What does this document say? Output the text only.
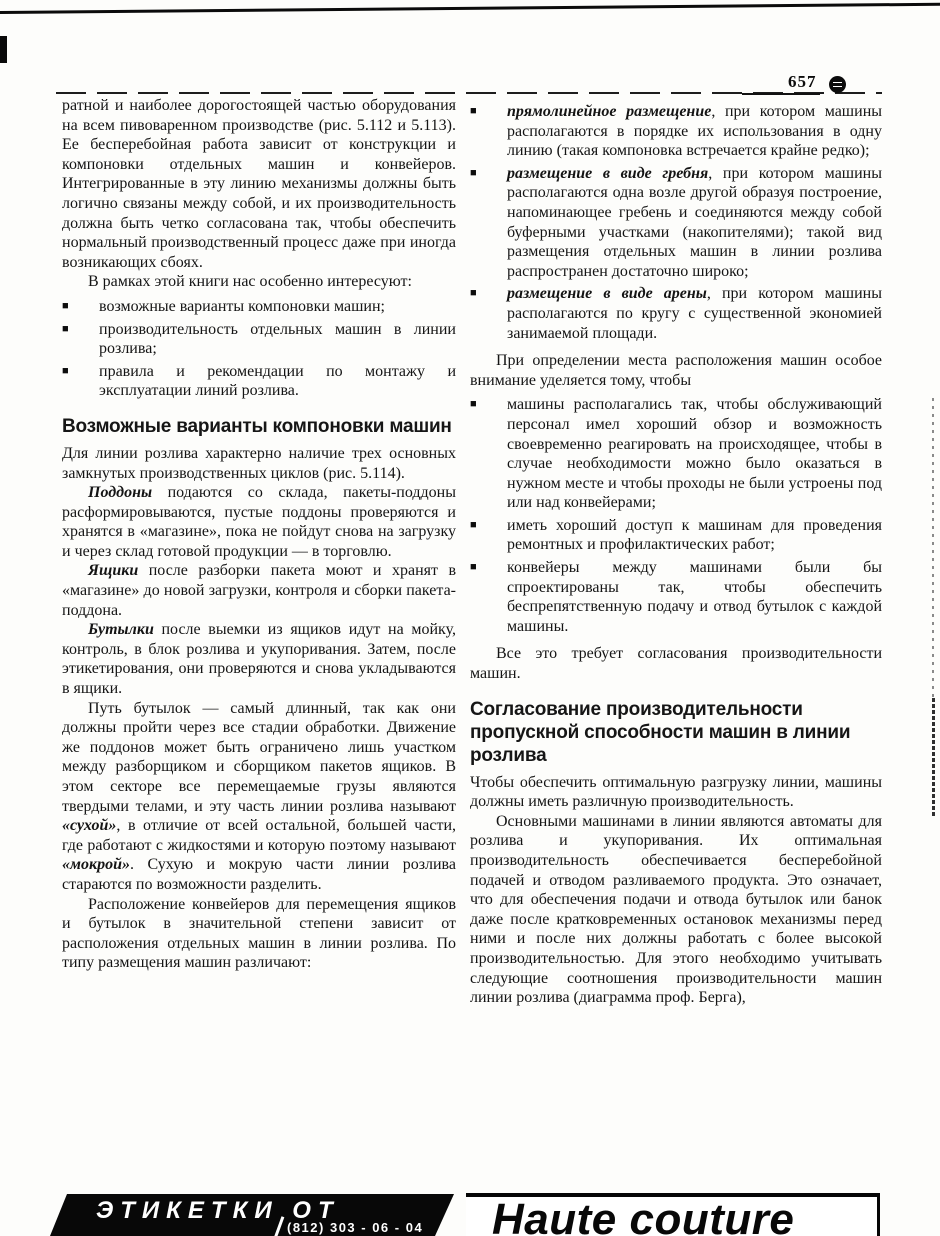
657

ратной и наиболее дорогостоящей частью оборудования на всем пивоваренном производстве (рис. 5.112 и 5.113). Ее бесперебойная работа зависит от конструкции и компоновки отдельных машин и конвейеров. Интегрированные в эту линию механизмы должны быть логично связаны между собой, и их производительность должна быть четко согласована так, чтобы обеспечить нормальный производственный процесс даже при иногда возникающих сбоях.

В рамках этой книги нас особенно интересуют:

■	возможные варианты компоновки машин;
■	производительность отдельных машин в линии розлива;
■	правила и рекомендации по монтажу и эксплуатации линий розлива.
Возможные варианты компоновки машин

Для линии розлива характерно наличие трех основных замкнутых производственных циклов (рис. 5.114).

Поддоны подаются со склада, пакеты-поддоны расформировываются, пустые поддоны проверяются и хранятся в «магазине», пока не пойдут снова на загрузку и через склад готовой продукции — в торговлю.

Ящики после разборки пакета моют и хранят в «магазине» до новой загрузки, контроля и сборки пакета-поддона.

Бутылки после выемки из ящиков идут на мойку, контроль, в блок розлива и укупоривания. Затем, после этикетирования, они проверяются и снова укладываются в ящики.

Путь бутылок — самый длинный, так как они должны пройти через все стадии обработки. Движение же поддонов может быть ограничено лишь участком между разборщиком и сборщиком пакетов ящиков. В этом секторе все перемещаемые грузы являются твердыми телами, и эту часть линии розлива называют «сухой», в отличие от всей остальной, большей части, где работают с жидкостями и которую поэтому называют «мокрой». Сухую и мокрую части линии розлива стараются по возможности разделить.

Расположение конвейеров для перемещения ящиков и бутылок в значительной степени зависит от расположения отдельных машин в линии розлива. По типу размещения машин различают:

■	прямолинейное размещение, при котором машины располагаются в порядке их использования в одну линию (такая компоновка встречается крайне редко);
■	размещение в виде гребня, при котором машины располагаются одна возле другой образуя построение, напоминающее гребень и соединяются между собой буферными участками (накопителями); такой вид размещения отдельных машин в линии розлива распространен достаточно широко;
■	размещение в виде арены, при котором машины располагаются по кругу с существенной экономией занимаемой площади.

При определении места расположения машин особое внимание уделяется тому, чтобы

■	машины располагались так, чтобы обслуживающий персонал имел хороший обзор и возможность своевременно реагировать на происходящее, чтобы в случае необходимости можно было оказаться в нужном месте и чтобы проходы не были устроены под или над конвейерами;
■	иметь хороший доступ к машинам для проведения ремонтных и профилактических работ;
■	конвейеры между машинами были бы спроектированы так, чтобы обеспечить беспрепятственную подачу и отвод бутылок с каждой машины.

Все это требует согласования производительности машин.

Согласование производительности пропускной способности машин в линии розлива

Чтобы обеспечить оптимальную разгрузку линии, машины должны иметь различную производительность.

Основными машинами в линии являются автоматы для розлива и укупоривания. Их оптимальная производительность обеспечивается бесперебойной подачей и отводом разливаемого продукта. Это означает, что для обеспечения подачи и отвода бутылок или банок даже после кратковременных остановок механизмы перед ними и после них должны работать с более высокой производительностью. Для этого необходимо учитывать следующие соотношения производительности машин линии розлива (диаграмма проф. Берга),

ЭТИКЕТКИ ОТ
(812) 303 - 06 - 04 Haute couture
